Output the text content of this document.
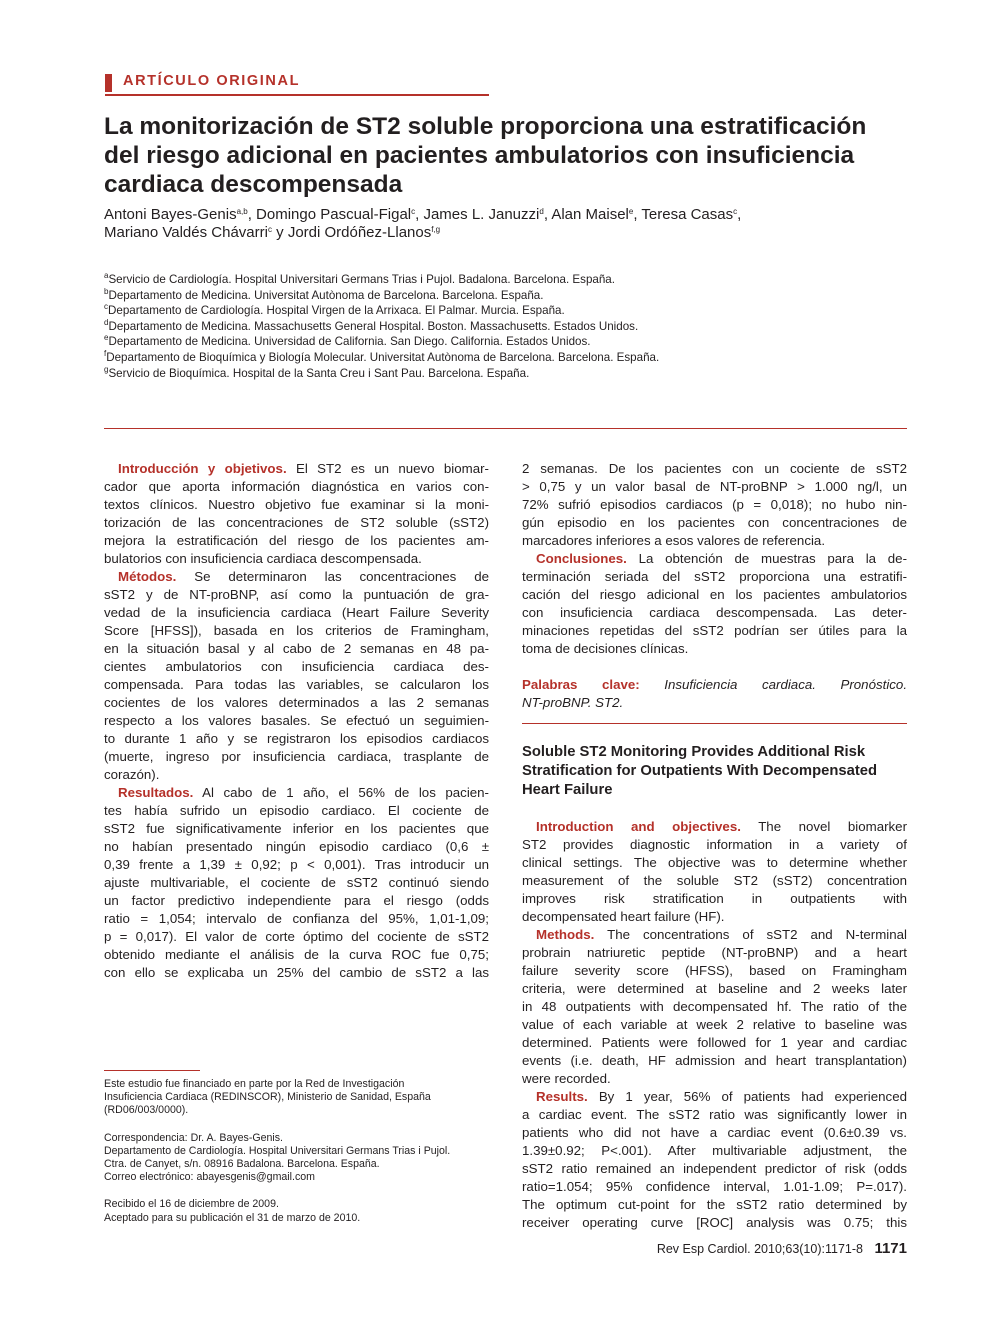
ARTÍCULO ORIGINAL
La monitorización de ST2 soluble proporciona una estratificación del riesgo adicional en pacientes ambulatorios con insuficiencia cardiaca descompensada
Antoni Bayes-Genis$^{a,b}$, Domingo Pascual-Figal$^c$, James L. Januzzi$^d$, Alan Maisel$^e$, Teresa Casas$^c$,
Mariano Valdés Chávarri$^c$ y Jordi Ordóñez-Llanos$^{f,g}$
$^a$Servicio de Cardiología. Hospital Universitari Germans Trias i Pujol. Badalona. Barcelona. España.
$^b$Departamento de Medicina. Universitat Autònoma de Barcelona. Barcelona. España.
$^c$Departamento de Cardiología. Hospital Virgen de la Arrixaca. El Palmar. Murcia. España.
$^d$Departamento de Medicina. Massachusetts General Hospital. Boston. Massachusetts. Estados Unidos.
$^e$Departamento de Medicina. Universidad de California. San Diego. California. Estados Unidos.
$^f$Departamento de Bioquímica y Biología Molecular. Universitat Autònoma de Barcelona. Barcelona. España.
$^g$Servicio de Bioquímica. Hospital de la Santa Creu i Sant Pau. Barcelona. España.
Introducción y objetivos. El ST2 es un nuevo biomar-
cador que aporta información diagnóstica en varios con-
textos clínicos. Nuestro objetivo fue examinar si la moni-
torización de las concentraciones de ST2 soluble (sST2)
mejora la estratificación del riesgo de los pacientes am-
bulatorios con insuficiencia cardiaca descompensada.
Métodos. Se determinaron las concentraciones de
sST2 y de NT-proBNP, así como la puntuación de gra-
vedad de la insuficiencia cardiaca (Heart Failure Severity
Score [HFSS]), basada en los criterios de Framingham,
en la situación basal y al cabo de 2 semanas en 48 pa-
cientes ambulatorios con insuficiencia cardiaca des-
compensada. Para todas las variables, se calcularon los
cocientes de los valores determinados a las 2 semanas
respecto a los valores basales. Se efectuó un seguimien-
to durante 1 año y se registraron los episodios cardiacos
(muerte, ingreso por insuficiencia cardiaca, trasplante de
corazón).
Resultados. Al cabo de 1 año, el 56% de los pacien-
tes había sufrido un episodio cardiaco. El cociente de
sST2 fue significativamente inferior en los pacientes que
no habían presentado ningún episodio cardiaco (0,6 ±
0,39 frente a 1,39 ± 0,92; p < 0,001). Tras introducir un
ajuste multivariable, el cociente de sST2 continuó siendo
un factor predictivo independiente para el riesgo (odds
ratio = 1,054; intervalo de confianza del 95%, 1,01-1,09;
p = 0,017). El valor de corte óptimo del cociente de sST2
obtenido mediante el análisis de la curva ROC fue 0,75;
con ello se explicaba un 25% del cambio de sST2 a las
2 semanas. De los pacientes con un cociente de sST2
> 0,75 y un valor basal de NT-proBNP > 1.000 ng/l, un
72% sufrió episodios cardiacos (p = 0,018); no hubo nin-
gún episodio en los pacientes con concentraciones de
marcadores inferiores a esos valores de referencia.
Conclusiones. La obtención de muestras para la de-
terminación seriada del sST2 proporciona una estratifi-
cación del riesgo adicional en los pacientes ambulatorios
con insuficiencia cardiaca descompensada. Las deter-
minaciones repetidas del sST2 podrían ser útiles para la
toma de decisiones clínicas.
Palabras clave: Insuficiencia cardiaca. Pronóstico.
NT-proBNP. ST2.
Soluble ST2 Monitoring Provides Additional Risk Stratification for Outpatients With Decompensated Heart Failure
Introduction and objectives. The novel biomarker
ST2 provides diagnostic information in a variety of
clinical settings. The objective was to determine whether
measurement of the soluble ST2 (sST2) concentration
improves risk stratification in outpatients with
decompensated heart failure (HF).
Methods. The concentrations of sST2 and N-terminal
probrain natriuretic peptide (NT-proBNP) and a heart
failure severity score (HFSS), based on Framingham
criteria, were determined at baseline and 2 weeks later
in 48 outpatients with decompensated hf. The ratio of the
value of each variable at week 2 relative to baseline was
determined. Patients were followed for 1 year and cardiac
events (i.e. death, HF admission and heart transplantation)
were recorded.
Results. By 1 year, 56% of patients had experienced
a cardiac event. The sST2 ratio was significantly lower in
patients who did not have a cardiac event (0.6±0.39 vs.
1.39±0.92; P<.001). After multivariable adjustment, the
sST2 ratio remained an independent predictor of risk (odds
ratio=1.054; 95% confidence interval, 1.01-1.09; P=.017).
The optimum cut-point for the sST2 ratio determined by
receiver operating curve [ROC] analysis was 0.75; this
Este estudio fue financiado en parte por la Red de Investigación
Insuficiencia Cardiaca (REDINSCOR), Ministerio de Sanidad, España
(RD06/003/0000).
Correspondencia: Dr. A. Bayes-Genis.
Departamento de Cardiología. Hospital Universitari Germans Trias i Pujol.
Ctra. de Canyet, s/n. 08916 Badalona. Barcelona. España.
Correo electrónico: abayesgenis@gmail.com
Recibido el 16 de diciembre de 2009.
Aceptado para su publicación el 31 de marzo de 2010.
Rev Esp Cardiol. 2010;63(10):1171-8 1171
